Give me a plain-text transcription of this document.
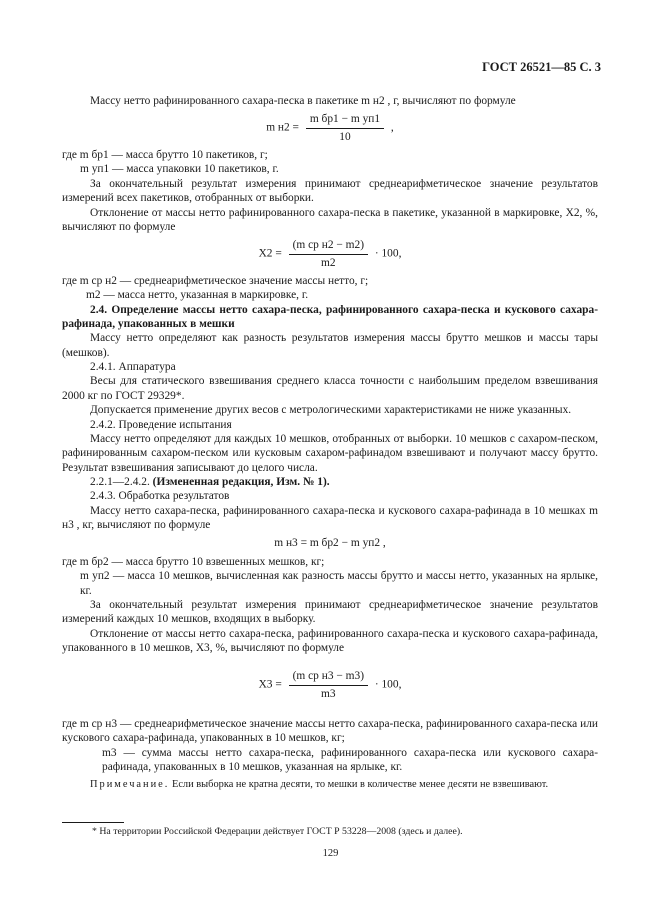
ГОСТ 26521—85 С. 3

Массу нетто рафинированного сахара-песка в пакетике m н2 , г, вычисляют по формуле

m $н2 = \frac{\text{m бр1 − m уп1}}{10}$ ,

где m бр1 — масса брутто 10 пакетиков, г;

m уп1 — масса упаковки 10 пакетиков, г.

За окончательный результат измерения принимают среднеарифметическое значение результатов измерений всех пакетиков, отобранных от выборки.

Отклонение от массы нетто рафинированного сахара-песка в пакетике, указанной в маркировке, X2, %, вычисляют по формуле

$X2 = \frac{\text{(m cp н2 − m2)}}{m2} \cdot 100$,

где m cp н2 — среднеарифметическое значение массы нетто, г;

m2 — масса нетто, указанная в маркировке, г.

2.4. Определение массы нетто сахара-песка, рафинированного сахара-песка и кускового сахара-рафинада, упакованных в мешки

Массу нетто определяют как разность результатов измерения массы брутто мешков и массы тары (мешков).

2.4.1. Аппаратура

Весы для статического взвешивания среднего класса точности с наибольшим пределом взвешивания 2000 кг по ГОСТ 29329*.

Допускается применение других весов с метрологическими характеристиками не ниже указанных.

2.4.2. Проведение испытания

Массу нетто определяют для каждых 10 мешков, отобранных от выборки. 10 мешков с сахаром-песком, рафинированным сахаром-песком или кусковым сахаром-рафинадом взвешивают и получают массу брутто. Результат взвешивания записывают до целого числа.

2.2.1—2.4.2. (Измененная редакция, Изм. № 1).

2.4.3. Обработка результатов

Массу нетто сахара-песка, рафинированного сахара-песка и кускового сахара-рафинада в 10 мешках m н3 , кг, вычисляют по формуле

m н3 = m бр2 − m уп2 ,

где m бр2 — масса брутто 10 взвешенных мешков, кг;

m уп2 — масса 10 мешков, вычисленная как разность массы брутто и массы нетто, указанных на ярлыке, кг.

За окончательный результат измерения принимают среднеарифметическое значение результатов измерений каждых 10 мешков, входящих в выборку.

Отклонение от массы нетто сахара-песка, рафинированного сахара-песка и кускового сахара-рафинада, упакованного в 10 мешков, X3, %, вычисляют по формуле

$X3 = \frac{\text{(m cp н3 − m3)}}{m3} \cdot 100$,

где m cp н3 — среднеарифметическое значение массы нетто сахара-песка, рафинированного сахара-песка или кускового сахара-рафинада, упакованных в 10 мешков, кг;

m3 — сумма массы нетто сахара-песка, рафинированного сахара-песка или кускового сахара-рафинада, упакованных в 10 мешков, указанная на ярлыке, кг.

Примечание. Если выборка не кратна десяти, то мешки в количестве менее десяти не взвешивают.

* На территории Российской Федерации действует ГОСТ Р 53228—2008 (здесь и далее).
129
